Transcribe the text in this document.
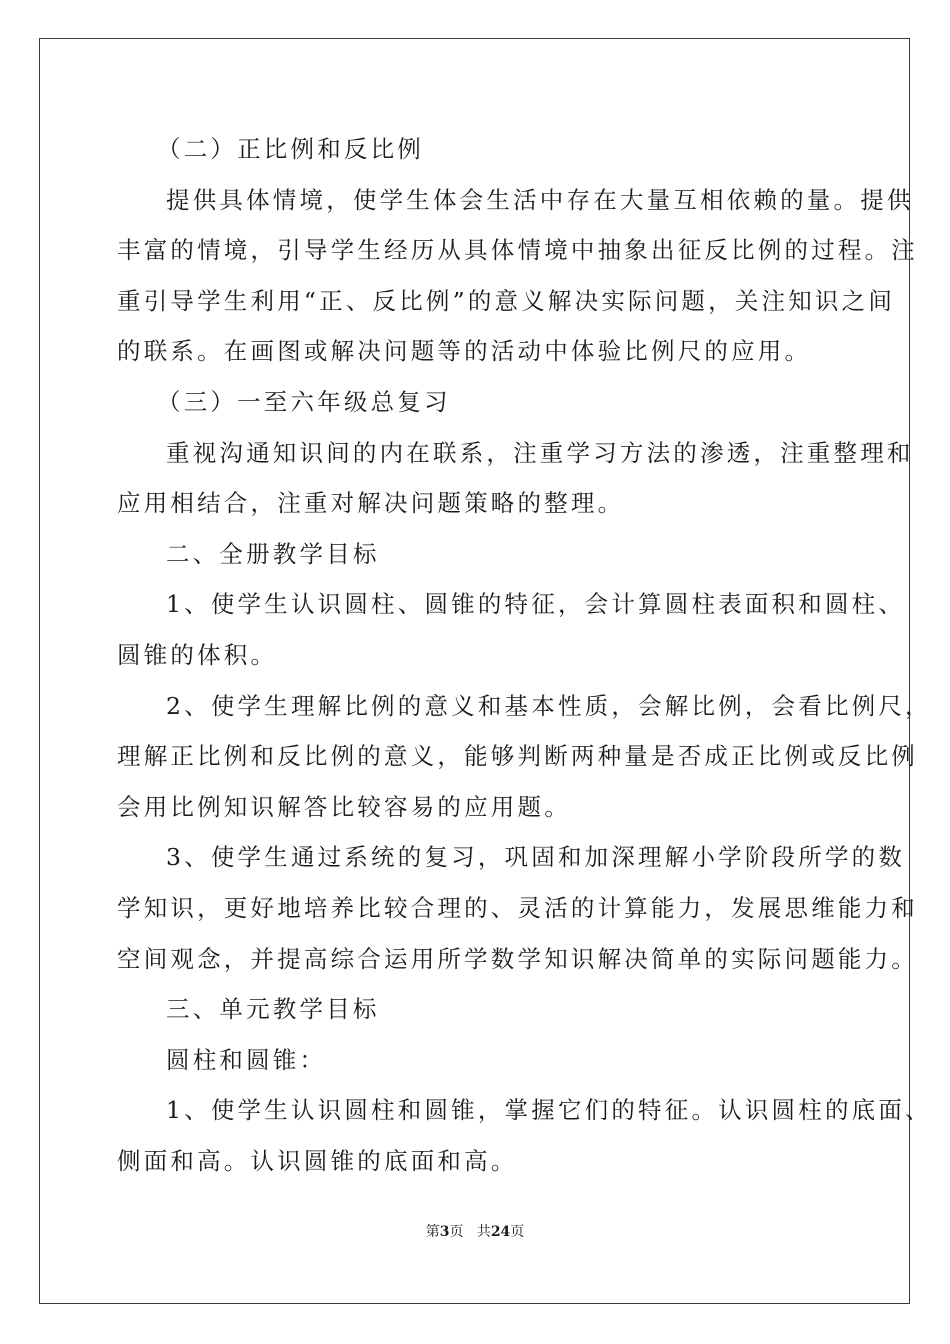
（二）正比例和反比例
提供具体情境，使学生体会生活中存在大量互相依赖的量。提供
丰富的情境，引导学生经历从具体情境中抽象出征反比例的过程。注
重引导学生利用“正、反比例”的意义解决实际问题，关注知识之间
的联系。在画图或解决问题等的活动中体验比例尺的应用。
（三）一至六年级总复习
重视沟通知识间的内在联系，注重学习方法的渗透，注重整理和
应用相结合，注重对解决问题策略的整理。
二、全册教学目标
1、使学生认识圆柱、圆锥的特征，会计算圆柱表面积和圆柱、
圆锥的体积。
2、使学生理解比例的意义和基本性质，会解比例，会看比例尺，
理解正比例和反比例的意义，能够判断两种量是否成正比例或反比例
会用比例知识解答比较容易的应用题。
3、使学生通过系统的复习，巩固和加深理解小学阶段所学的数
学知识，更好地培养比较合理的、灵活的计算能力，发展思维能力和
空间观念，并提高综合运用所学数学知识解决简单的实际问题能力。
三、单元教学目标
圆柱和圆锥：
1、使学生认识圆柱和圆锥，掌握它们的特征。认识圆柱的底面、
侧面和高。认识圆锥的底面和高。
第3页 共24页
